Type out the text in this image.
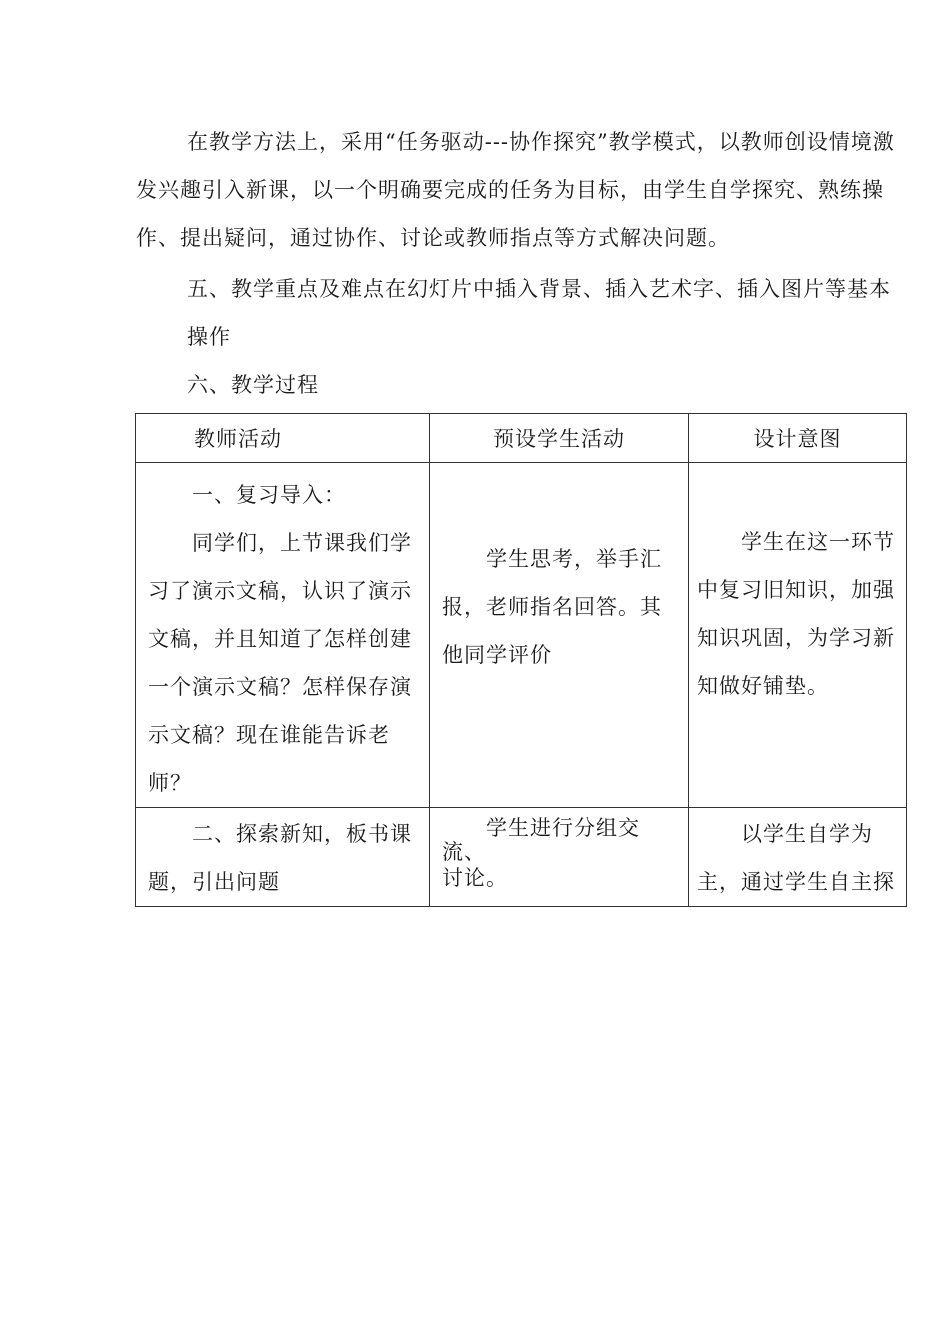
在教学方法上，采用“任务驱动---协作探究”教学模式，以教师创设情境激发兴趣引入新课，以一个明确要完成的任务为目标，由学生自学探究、熟练操作、提出疑问，通过协作、讨论或教师指点等方式解决问题。

五、教学重点及难点在幻灯片中插入背景、插入艺术字、插入图片等基本操作

六、教学过程

教师活动	预设学生活动	设计意图

一、复习导入：
同学们，上节课我们学习了演示文稿，认识了演示文稿，并且知道了怎样创建一个演示文稿？怎样保存演示文稿？现在谁能告诉老师？	学生思考，举手汇报，老师指名回答。其他同学评价	学生在这一环节中复习旧知识，加强知识巩固，为学习新知做好铺垫。

二、探索新知，板书课题，引出问题	学生进行分组交
流、
讨论。	以学生自学为主，通过学生自主探
